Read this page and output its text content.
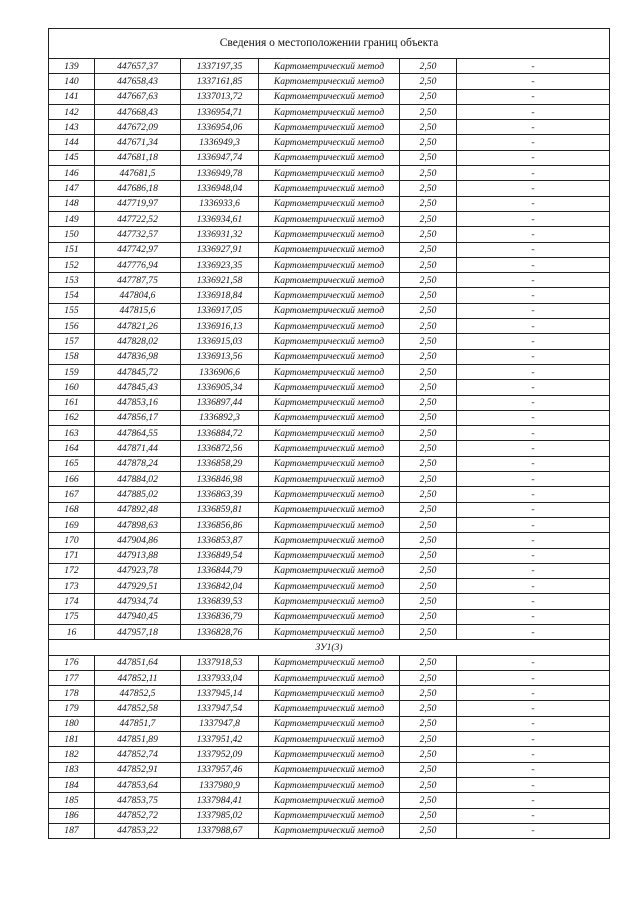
Сведения о местоположении границ объекта					
139	447657,37	1337197,35	Картометрический метод	2,50	-
140	447658,43	1337161,85	Картометрический метод	2,50	-
141	447667,63	1337013,72	Картометрический метод	2,50	-
142	447668,43	1336954,71	Картометрический метод	2,50	-
143	447672,09	1336954,06	Картометрический метод	2,50	-
144	447671,34	1336949,3	Картометрический метод	2,50	-
145	447681,18	1336947,74	Картометрический метод	2,50	-
146	447681,5	1336949,78	Картометрический метод	2,50	-
147	447686,18	1336948,04	Картометрический метод	2,50	-
148	447719,97	1336933,6	Картометрический метод	2,50	-
149	447722,52	1336934,61	Картометрический метод	2,50	-
150	447732,57	1336931,32	Картометрический метод	2,50	-
151	447742,97	1336927,91	Картометрический метод	2,50	-
152	447776,94	1336923,35	Картометрический метод	2,50	-
153	447787,75	1336921,58	Картометрический метод	2,50	-
154	447804,6	1336918,84	Картометрический метод	2,50	-
155	447815,6	1336917,05	Картометрический метод	2,50	-
156	447821,26	1336916,13	Картометрический метод	2,50	-
157	447828,02	1336915,03	Картометрический метод	2,50	-
158	447836,98	1336913,56	Картометрический метод	2,50	-
159	447845,72	1336906,6	Картометрический метод	2,50	-
160	447845,43	1336905,34	Картометрический метод	2,50	-
161	447853,16	1336897,44	Картометрический метод	2,50	-
162	447856,17	1336892,3	Картометрический метод	2,50	-
163	447864,55	1336884,72	Картометрический метод	2,50	-
164	447871,44	1336872,56	Картометрический метод	2,50	-
165	447878,24	1336858,29	Картометрический метод	2,50	-
166	447884,02	1336846,98	Картометрический метод	2,50	-
167	447885,02	1336863,39	Картометрический метод	2,50	-
168	447892,48	1336859,81	Картометрический метод	2,50	-
169	447898,63	1336856,86	Картометрический метод	2,50	-
170	447904,86	1336853,87	Картометрический метод	2,50	-
171	447913,88	1336849,54	Картометрический метод	2,50	-
172	447923,78	1336844,79	Картометрический метод	2,50	-
173	447929,51	1336842,04	Картометрический метод	2,50	-
174	447934,74	1336839,53	Картометрический метод	2,50	-
175	447940,45	1336836,79	Картометрический метод	2,50	-
16	447957,18	1336828,76	Картометрический метод	2,50	-
ЗУ1(3)					
176	447851,64	1337918,53	Картометрический метод	2,50	-
177	447852,11	1337933,04	Картометрический метод	2,50	-
178	447852,5	1337945,14	Картометрический метод	2,50	-
179	447852,58	1337947,54	Картометрический метод	2,50	-
180	447851,7	1337947,8	Картометрический метод	2,50	-
181	447851,89	1337951,42	Картометрический метод	2,50	-
182	447852,74	1337952,09	Картометрический метод	2,50	-
183	447852,91	1337957,46	Картометрический метод	2,50	-
184	447853,64	1337980,9	Картометрический метод	2,50	-
185	447853,75	1337984,41	Картометрический метод	2,50	-
186	447852,72	1337985,02	Картометрический метод	2,50	-
187	447853,22	1337988,67	Картометрический метод	2,50	-
